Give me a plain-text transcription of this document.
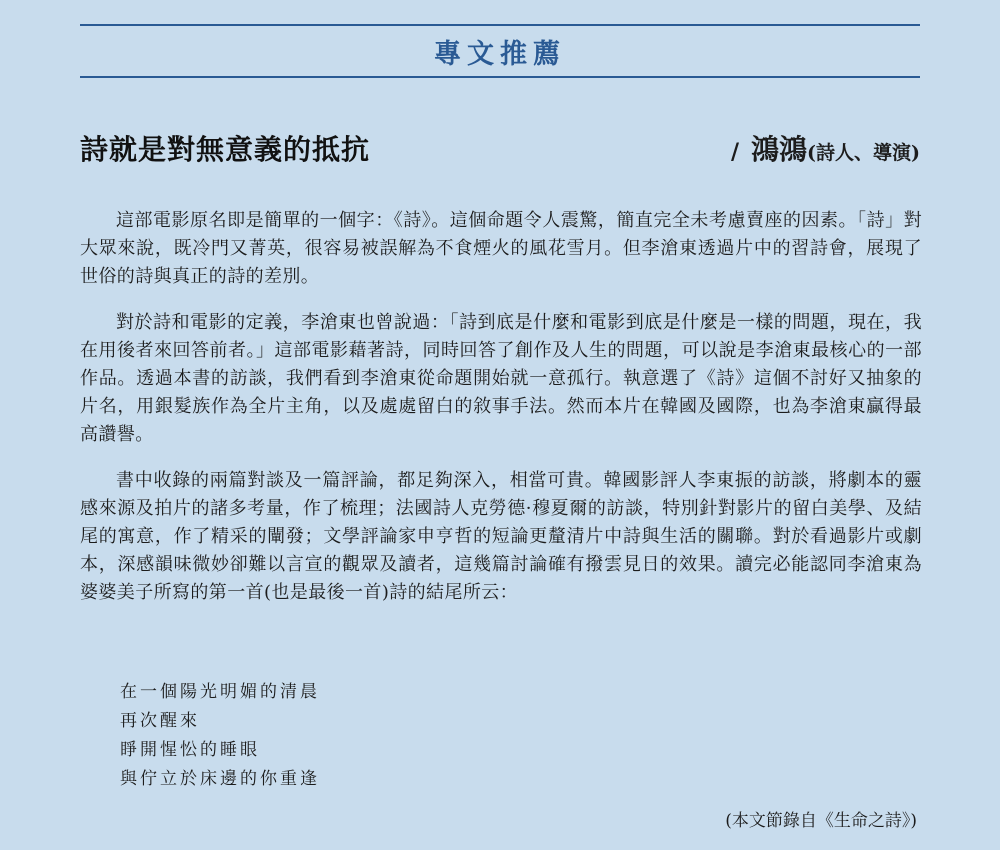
專文推薦
詩就是對無意義的抵抗	/ 鴻鴻 (詩人、導演)

這部電影原名即是簡單的一個字：《詩》。這個命題令人震驚，簡直完全未考慮賣座的因素。「詩」對大眾來說，既冷門又菁英，很容易被誤解為不食煙火的風花雪月。但李滄東透過片中的習詩會，展現了世俗的詩與真正的詩的差別。

對於詩和電影的定義，李滄東也曾說過：「詩到底是什麼和電影到底是什麼是一樣的問題，現在，我在用後者來回答前者。」這部電影藉著詩，同時回答了創作及人生的問題，可以說是李滄東最核心的一部作品。透過本書的訪談，我們看到李滄東從命題開始就一意孤行。執意選了《詩》這個不討好又抽象的片名，用銀髮族作為全片主角，以及處處留白的敘事手法。然而本片在韓國及國際，也為李滄東贏得最高讚譽。

書中收錄的兩篇對談及一篇評論，都足夠深入，相當可貴。韓國影評人李東振的訪談，將劇本的靈感來源及拍片的諸多考量，作了梳理；法國詩人克勞德·穆夏爾的訪談，特別針對影片的留白美學、及結尾的寓意，作了精采的闡發；文學評論家申亨哲的短論更釐清片中詩與生活的關聯。對於看過影片或劇本，深感韻味微妙卻難以言宣的觀眾及讀者，這幾篇討論確有撥雲見日的效果。讀完必能認同李滄東為婆婆美子所寫的第一首(也是最後一首)詩的結尾所云：

在一個陽光明媚的清晨
再次醒來
睜開惺忪的睡眼
與佇立於床邊的你重逢
(本文節錄自《生命之詩》)
